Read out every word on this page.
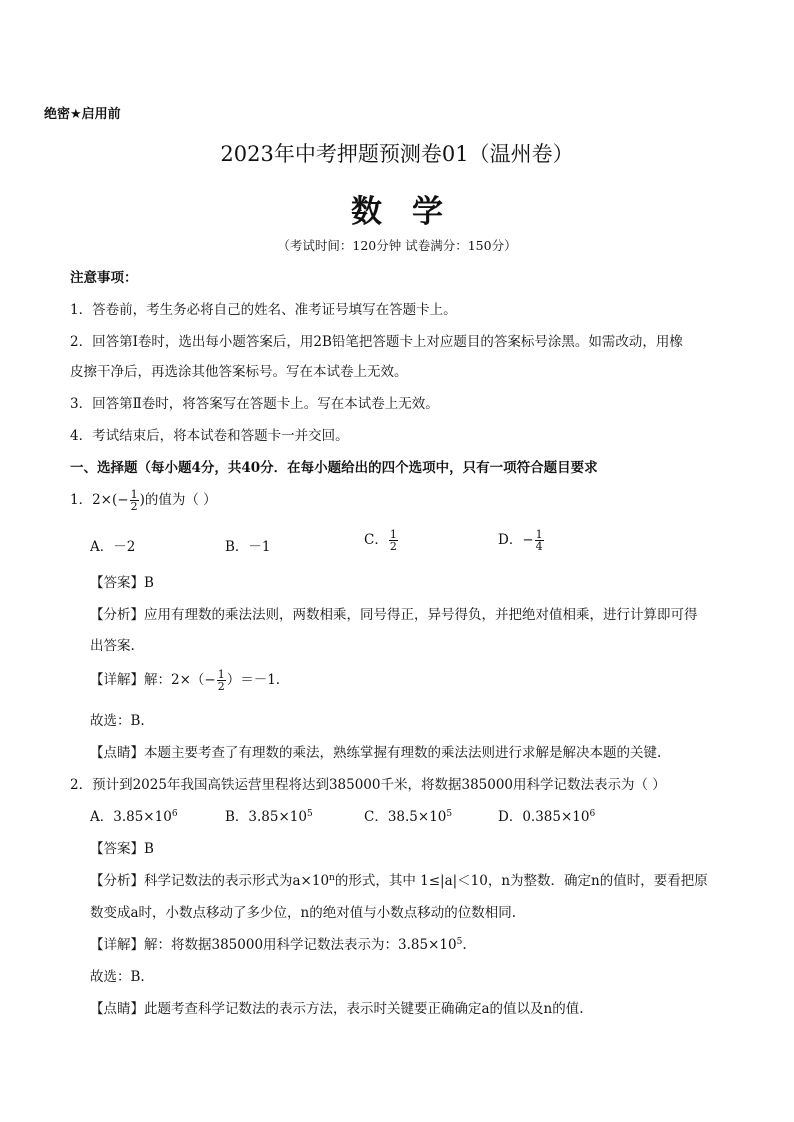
绝密★启用前
2023年中考押题预测卷01（温州卷）
数学
（考试时间：120分钟 试卷满分：150分）
注意事项：
1．答卷前，考生务必将自己的姓名、准考证号填写在答题卡上。
2．回答第Ⅰ卷时，选出每小题答案后，用2B铅笔把答题卡上对应题目的答案标号涂黑。如需改动，用橡
皮擦干净后，再选涂其他答案标号。写在本试卷上无效。
3．回答第Ⅱ卷时，将答案写在答题卡上。写在本试卷上无效。
4．考试结束后，将本试卷和答题卡一并交回。
一、选择题（每小题4分，共40分．在每小题给出的四个选项中，只有一项符合题目要求
1．$2\times(- \frac{1}{2}$ )的值为（ ）
A．－2	B．－1	C． $\frac{1}{2}$	D．− $\frac{1}{4}$
【答案】B
【分析】应用有理数的乘法法则，两数相乘，同号得正，异号得负，并把绝对值相乘，进行计算即可得
出答案.
【详解】解：$2\times(- \frac{1}{2} )=-1$.
故选：B.
【点睛】本题主要考查了有理数的乘法，熟练掌握有理数的乘法法则进行求解是解决本题的关键.
2．预计到2025年我国高铁运营里程将达到385000千米，将数据385000用科学记数法表示为（ ）
A．$3.85\times 10^6$	B．$3.85\times 10^5$	C．$38.5\times 10^5$	D．$0.385\times 10^6$
【答案】B
【分析】科学记数法的表示形式为$a\times 10^n$的形式，其中 1≤|a|＜10，n为整数．确定n的值时，要看把原
数变成a时，小数点移动了多少位，n的绝对值与小数点移动的位数相同.
【详解】解：将数据385000用科学记数法表示为：$3.85\times 10^5$.
故选：B.
【点睛】此题考查科学记数法的表示方法，表示时关键要正确确定a的值以及n的值.
